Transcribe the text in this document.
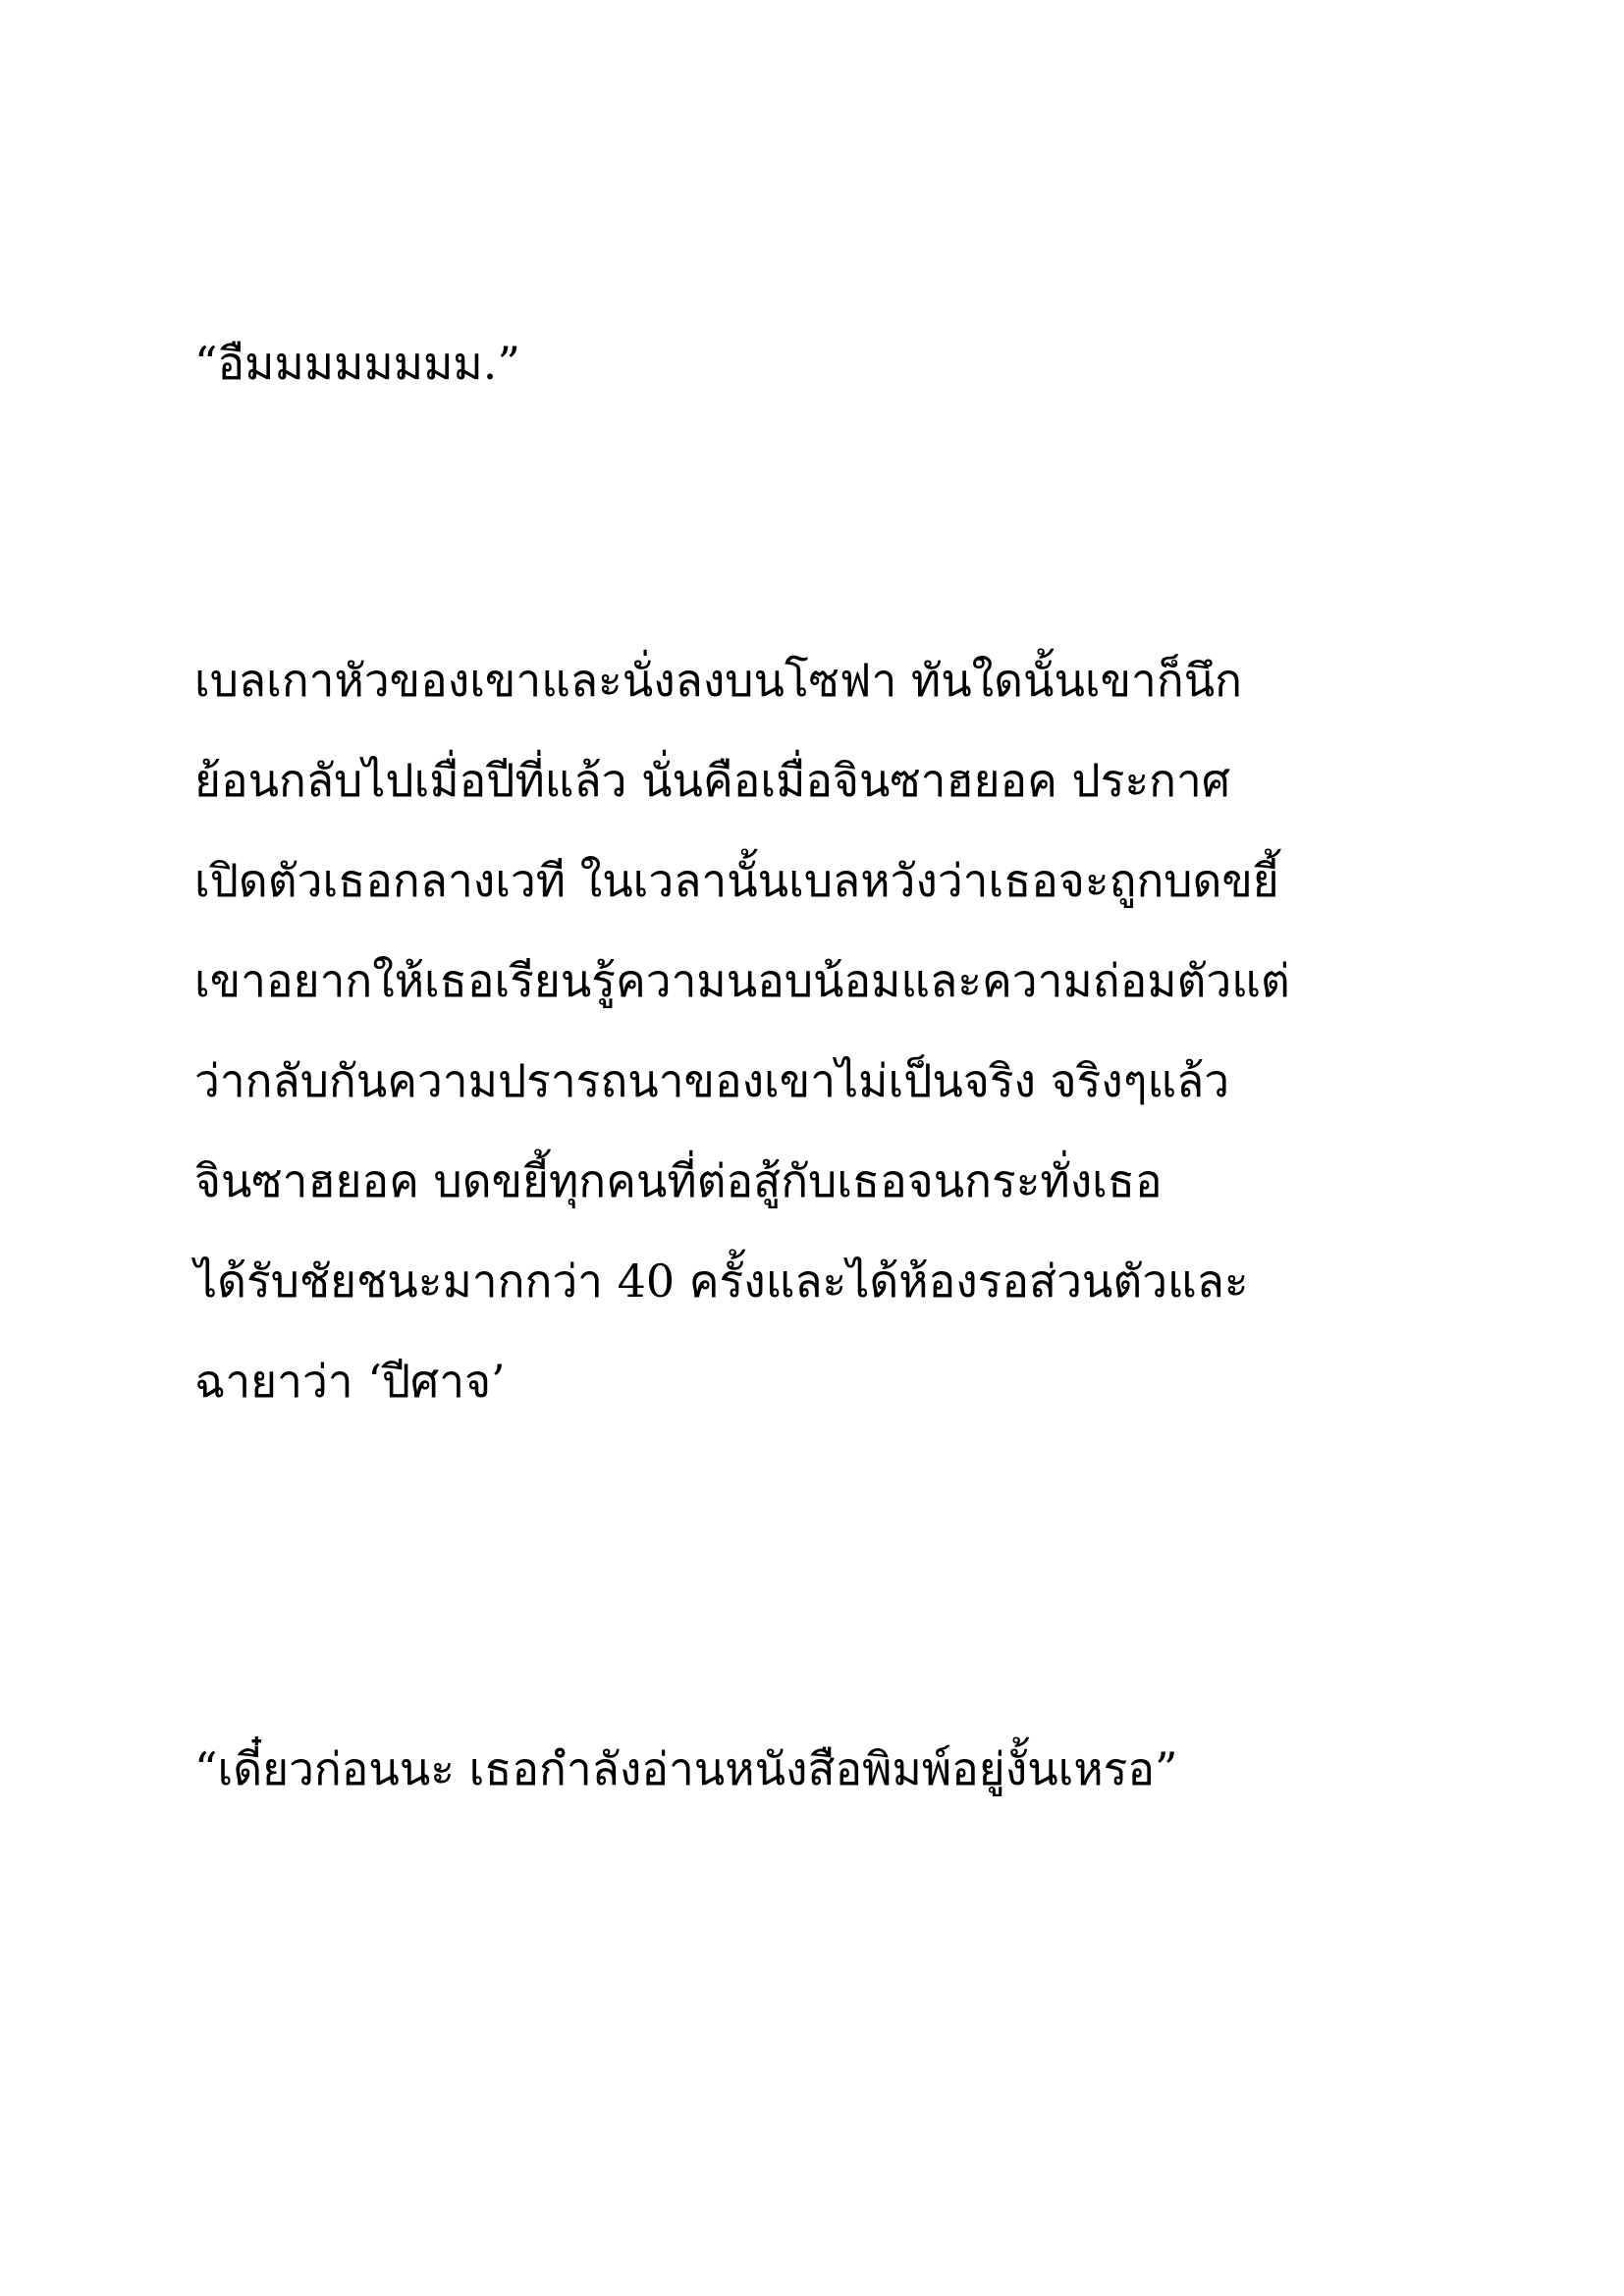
“อืมมมมมมมม.”

เบลเกาหัวของเขาและนั่งลงบนโซฟา ทันใดนั้นเขาก็นึก
ย้อนกลับไปเมื่อปีที่แล้ว นั่นคือเมื่อจินซาฮยอค ประกาศ
เปิดตัวเธอกลางเวที ในเวลานั้นเบลหวังว่าเธอจะถูกบดขยี้
เขาอยากให้เธอเรียนรู้ความนอบน้อมและความถ่อมตัวแต่
ว่ากลับกันความปรารถนาของเขาไม่เป็นจริง จริงๆแล้ว
จินซาฮยอค บดขยี้ทุกคนที่ต่อสู้กับเธอจนกระทั่งเธอ
ได้รับชัยชนะมากกว่า 40 ครั้งและได้ห้องรอส่วนตัวและ
ฉายาว่า ‘ปีศาจ’

“เดี๋ยวก่อนนะ เธอกำลังอ่านหนังสือพิมพ์อยู่งั้นเหรอ”
